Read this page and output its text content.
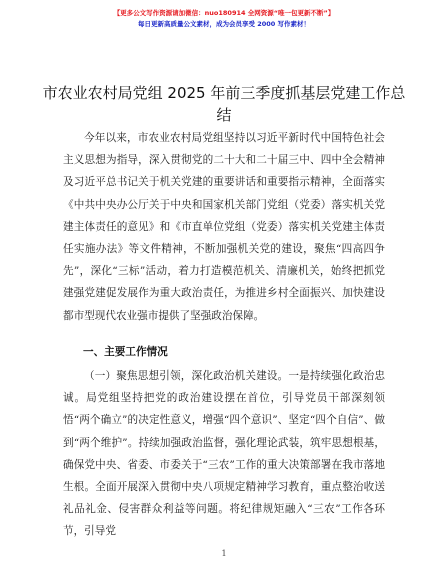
【更多公文写作资源请加微信：nuo180914 全网资源“唯一包更新不断”】
每日更新高质量公文素材，成为会员享受 2000 写作素材！
市农业农村局党组 2025 年前三季度抓基层党建工作总结

今年以来，市农业农村局党组坚持以习近平新时代中国特色社会主义思想为指导，深入贯彻党的二十大和二十届三中、四中全会精神及习近平总书记关于机关党建的重要讲话和重要指示精神，全面落实《中共中央办公厅关于中央和国家机关部门党组（党委）落实机关党建主体责任的意见》和《市直单位党组（党委）落实机关党建主体责任实施办法》等文件精神，不断加强机关党的建设，聚焦“四高四争先”，深化“三标”活动，着力打造模范机关、清廉机关，始终把抓党建强党建促发展作为重大政治责任，为推进乡村全面振兴、加快建设都市型现代农业强市提供了坚强政治保障。

一、主要工作情况

（一）聚焦思想引领，深化政治机关建设。一是持续强化政治忠诚。局党组坚持把党的政治建设摆在首位，引导党员干部深刻领悟“两个确立”的决定性意义，增强“四个意识”、坚定“四个自信”、做到“两个维护”。持续加强政治监督，强化理论武装，筑牢思想根基，确保党中央、省委、市委关于“三农”工作的重大决策部署在我市落地生根。全面开展深入贯彻中央八项规定精神学习教育，重点整治收送礼品礼金、侵害群众利益等问题。将纪律规矩融入“三农”工作各环节，引导党

1
